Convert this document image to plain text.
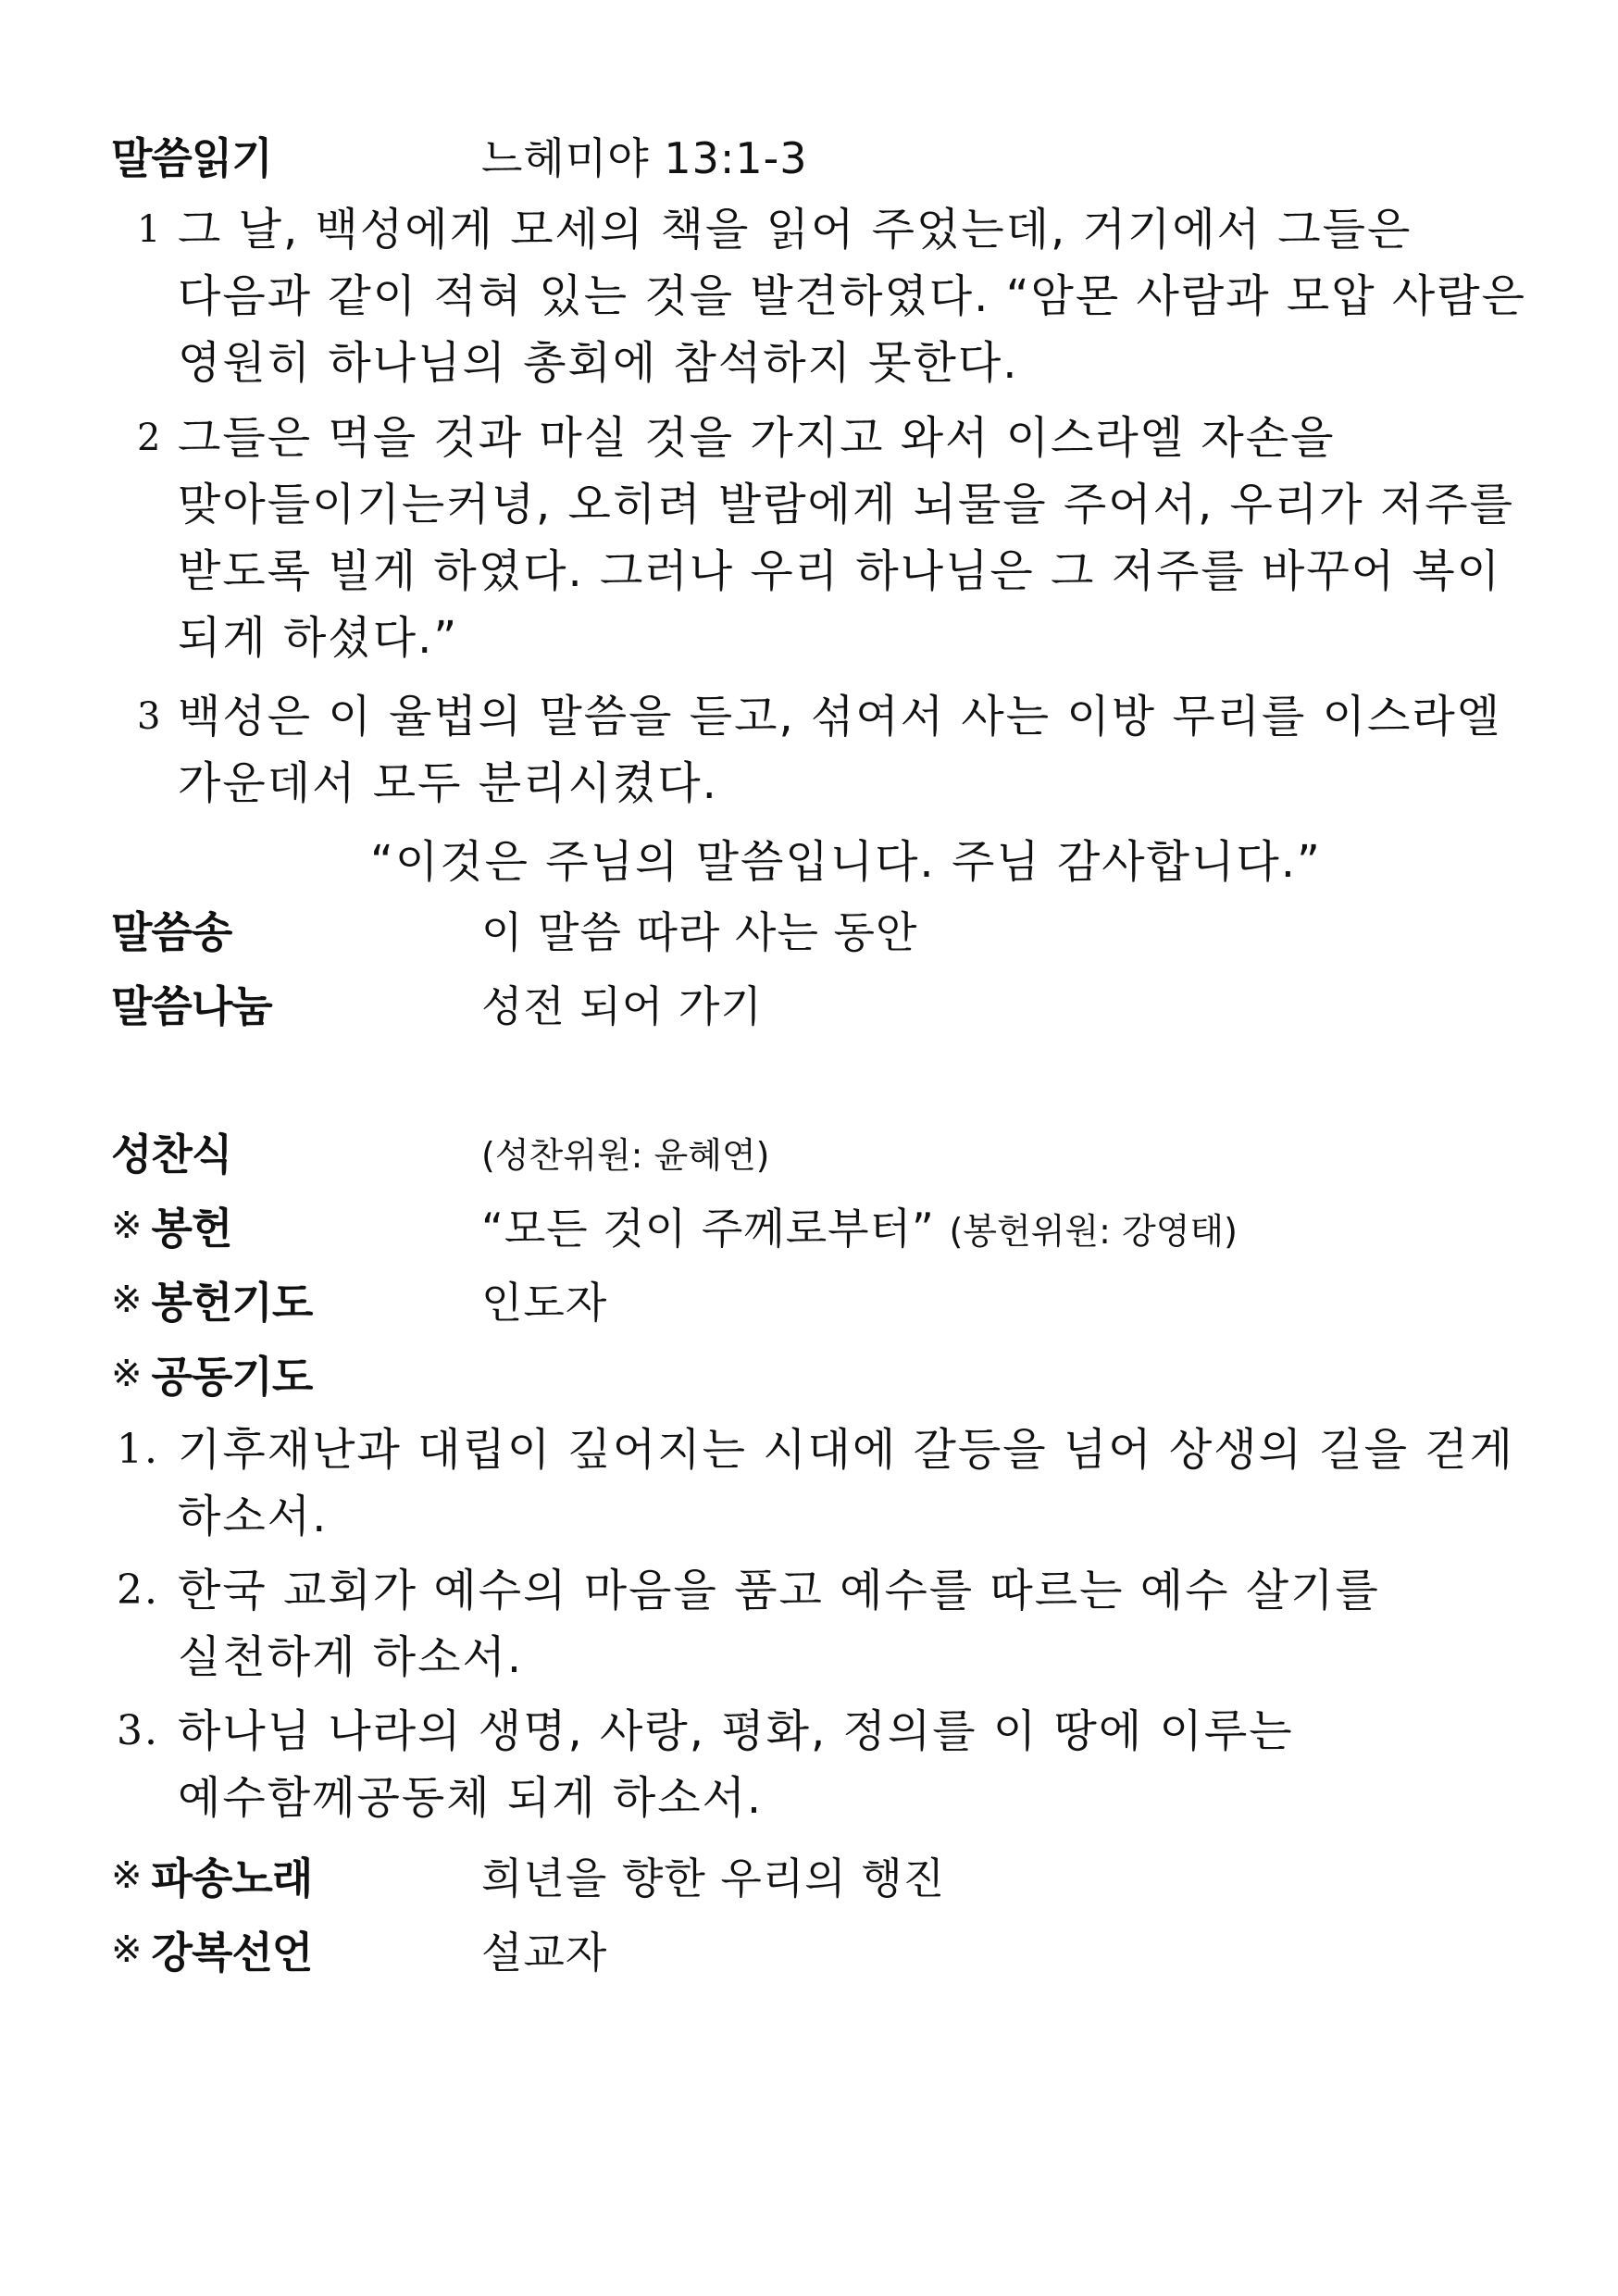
말씀읽기	느헤미야 13:1-3
1 그 날, 백성에게 모세의 책을 읽어 주었는데, 거기에서 그들은
다음과 같이 적혀 있는 것을 발견하였다. “암몬 사람과 모압 사람은
영원히 하나님의 총회에 참석하지 못한다.
2 그들은 먹을 것과 마실 것을 가지고 와서 이스라엘 자손을
맞아들이기는커녕, 오히려 발람에게 뇌물을 주어서, 우리가 저주를
받도록 빌게 하였다. 그러나 우리 하나님은 그 저주를 바꾸어 복이
되게 하셨다.”
3 백성은 이 율법의 말씀을 듣고, 섞여서 사는 이방 무리를 이스라엘
가운데서 모두 분리시켰다.
“이것은 주님의 말씀입니다. 주님 감사합니다.”
말씀송	이 말씀 따라 사는 동안
말씀나눔	성전 되어 가기
성찬식	(성찬위원: 윤혜연)
※ 봉헌	“모든 것이 주께로부터” (봉헌위원: 강영태)
※ 봉헌기도	인도자
※ 공동기도
1. 기후재난과 대립이 깊어지는 시대에 갈등을 넘어 상생의 길을 걷게
하소서.
2. 한국 교회가 예수의 마음을 품고 예수를 따르는 예수 살기를
실천하게 하소서.
3. 하나님 나라의 생명, 사랑, 평화, 정의를 이 땅에 이루는
예수함께공동체 되게 하소서.
※ 파송노래	희년을 향한 우리의 행진
※ 강복선언	설교자
